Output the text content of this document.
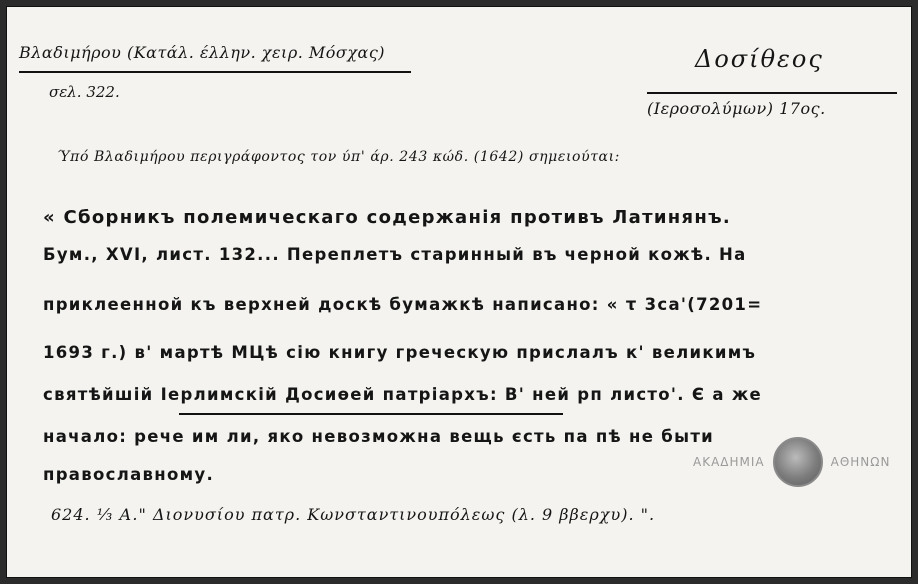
Βλαδιμήρου (Κατάλ. έλλην. χειρ. Μόσχας)
σελ. 322.
Δοσίθεος
(Ιεροσολύμων) 17ος.
Ύπό Βλαδιμήρου περιγράφοντος τον ύπ' άρ. 243 κώδ. (1642) σημειούται:
« Сборникъ полемическаго содержанія противъ Латинянъ.
Бум., XVI, лист. 132... Переплетъ старинный въ черной кожѣ. На
приклеенной къ верхней доскѣ бумажкѣ написано: « τ 3ca'(7201=
1693 г.) в' мартѣ МЦѣ сію книгу греческую прислалъ к' великимъ
святѣйшій Іерлимскій Досиѳей патріархъ: В' ней рп листо'. Є а же
начало: рече им ли, яко невозможна вещь єсть па пѣ не быти
православному.
624. ⅓ А." Διονυσίου πατρ. Κωνσταντινουπόλεως (λ. 9 ββερχυ). ".
ΑΚΑΔΗΜΙΑ	ΑΘΗΝΩΝ
